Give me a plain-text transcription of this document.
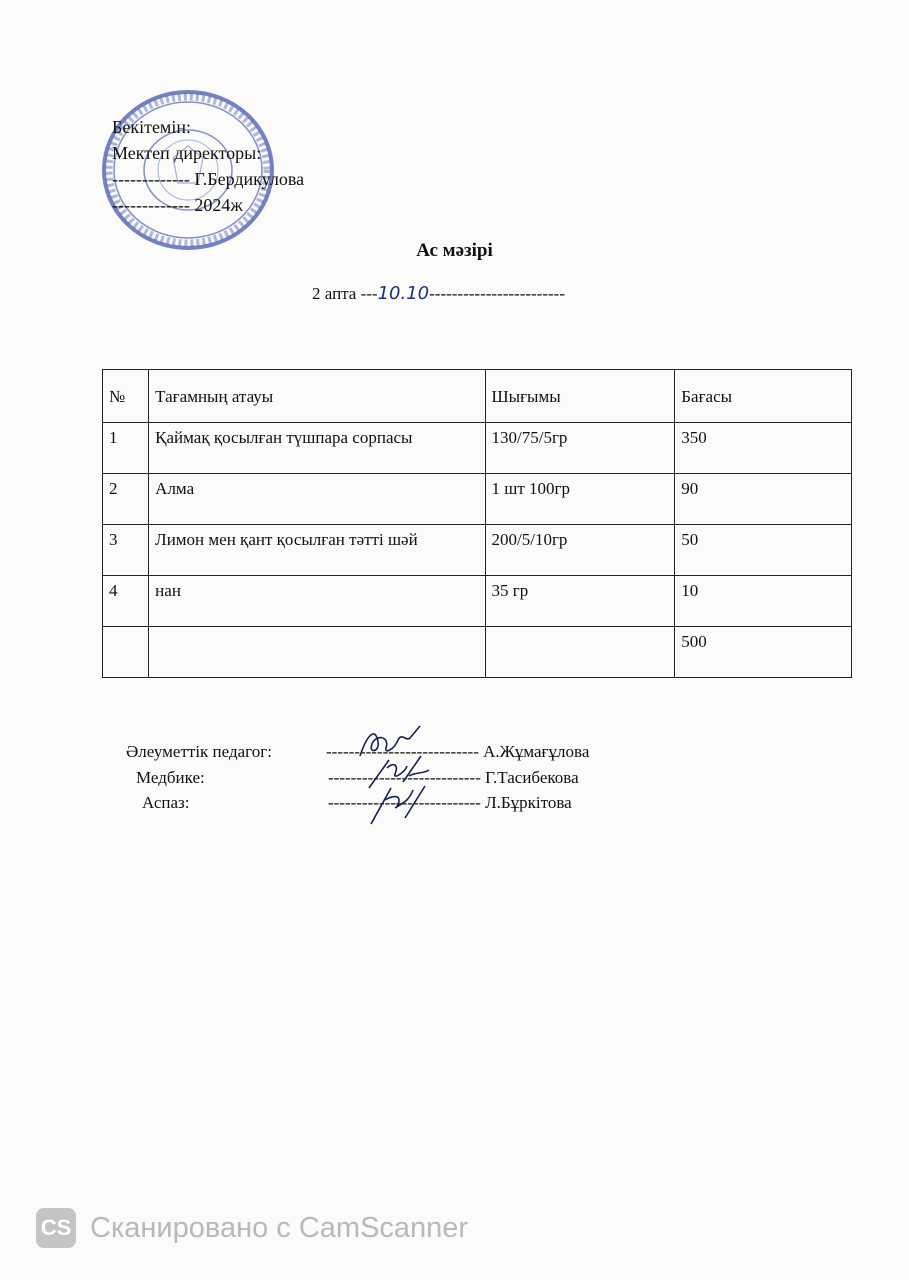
Бекітемін:
Мектеп директоры:
------------- Г.Бердикулова
------------- 2024ж
Ас мәзірі
2 апта ---10.10------------------------
№	Тағамның атауы	Шығымы	Бағасы
1	Қаймақ қосылған түшпара сорпасы	130/75/5гр	350
2	Алма	1 шт 100гр	90
3	Лимон мен қант қосылған тәтті шәй	200/5/10гр	50
4	нан	35 гр	10
			500
Әлеуметтік педагог:	--------------------------- А.Жұмағұлова
Медбике:	--------------------------- Г.Тасибекова
Аспаз:	--------------------------- Л.Бұркітова
CS Сканировано с CamScanner
